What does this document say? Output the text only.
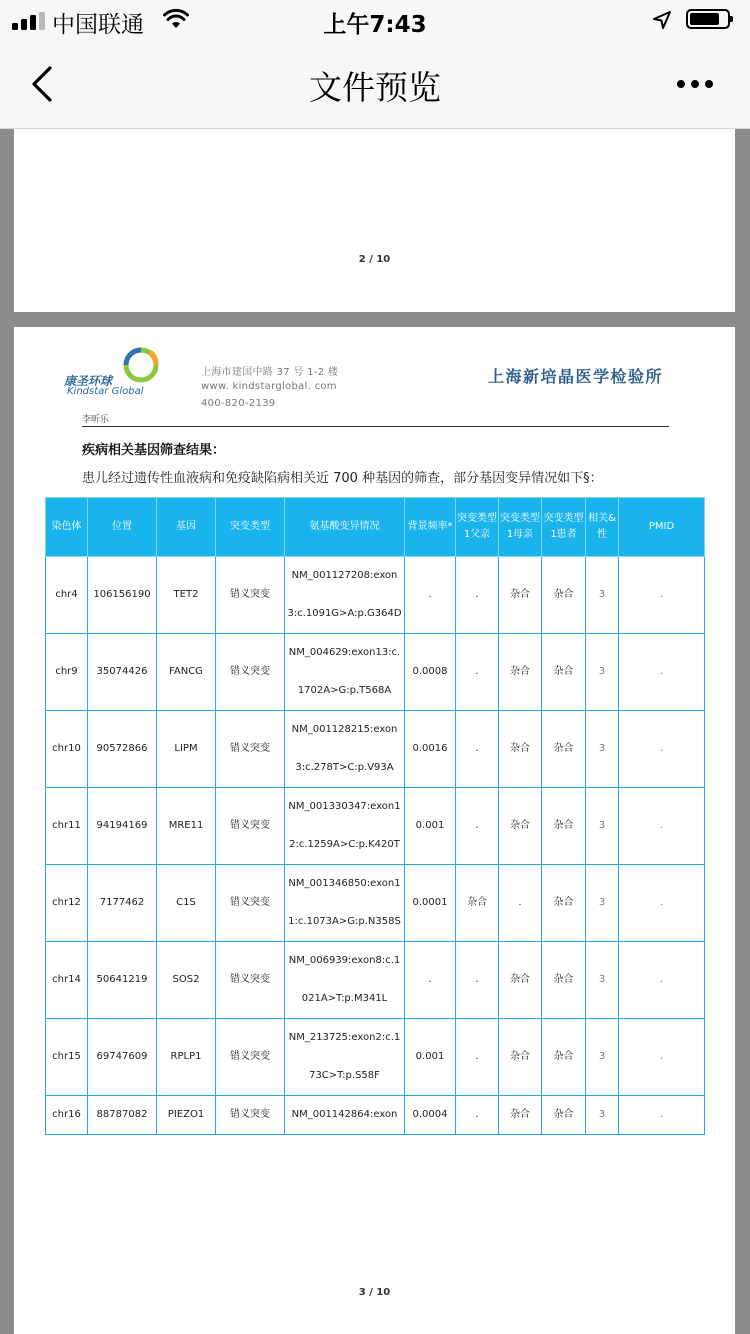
中国联通	上午7:43
文件预览
2 / 10
康圣环球
Kindstar Global
上海市建国中路 37 号 1-2 楼
www. kindstarglobal. com
400-820-2139
上海新培晶医学检验所
李昕乐
疾病相关基因筛查结果：
患儿经过遗传性血液病和免疫缺陷病相关近 700 种基因的筛查，部分基因变异情况如下§：
染色体	位置	基因	突变类型	氨基酸变异情况	背景频率*	突变类型1父亲	突变类型1母亲	突变类型1患者	相关&性	PMID
chr4	106156190	TET2	错义突变	NM_001127208:exon3:c.1091G>A:p.G364D	.	.	杂合	杂合	3	.
chr9	35074426	FANCG	错义突变	NM_004629:exon13:c.1702A>G:p.T568A	0.0008	.	杂合	杂合	3	.
chr10	90572866	LIPM	错义突变	NM_001128215:exon3:c.278T>C:p.V93A	0.0016	.	杂合	杂合	3	.
chr11	94194169	MRE11	错义突变	NM_001330347:exon12:c.1259A>C:p.K420T	0.001	.	杂合	杂合	3	.
chr12	7177462	C1S	错义突变	NM_001346850:exon11:c.1073A>G:p.N358S	0.0001	杂合	.	杂合	3	.
chr14	50641219	SOS2	错义突变	NM_006939:exon8:c.1021A>T:p.M341L	.	.	杂合	杂合	3	.
chr15	69747609	RPLP1	错义突变	NM_213725:exon2:c.173C>T:p.S58F	0.001	.	杂合	杂合	3	.
chr16	88787082	PIEZO1	错义突变	NM_001142864:exon	0.0004	.	杂合	杂合	3	.
3 / 10
